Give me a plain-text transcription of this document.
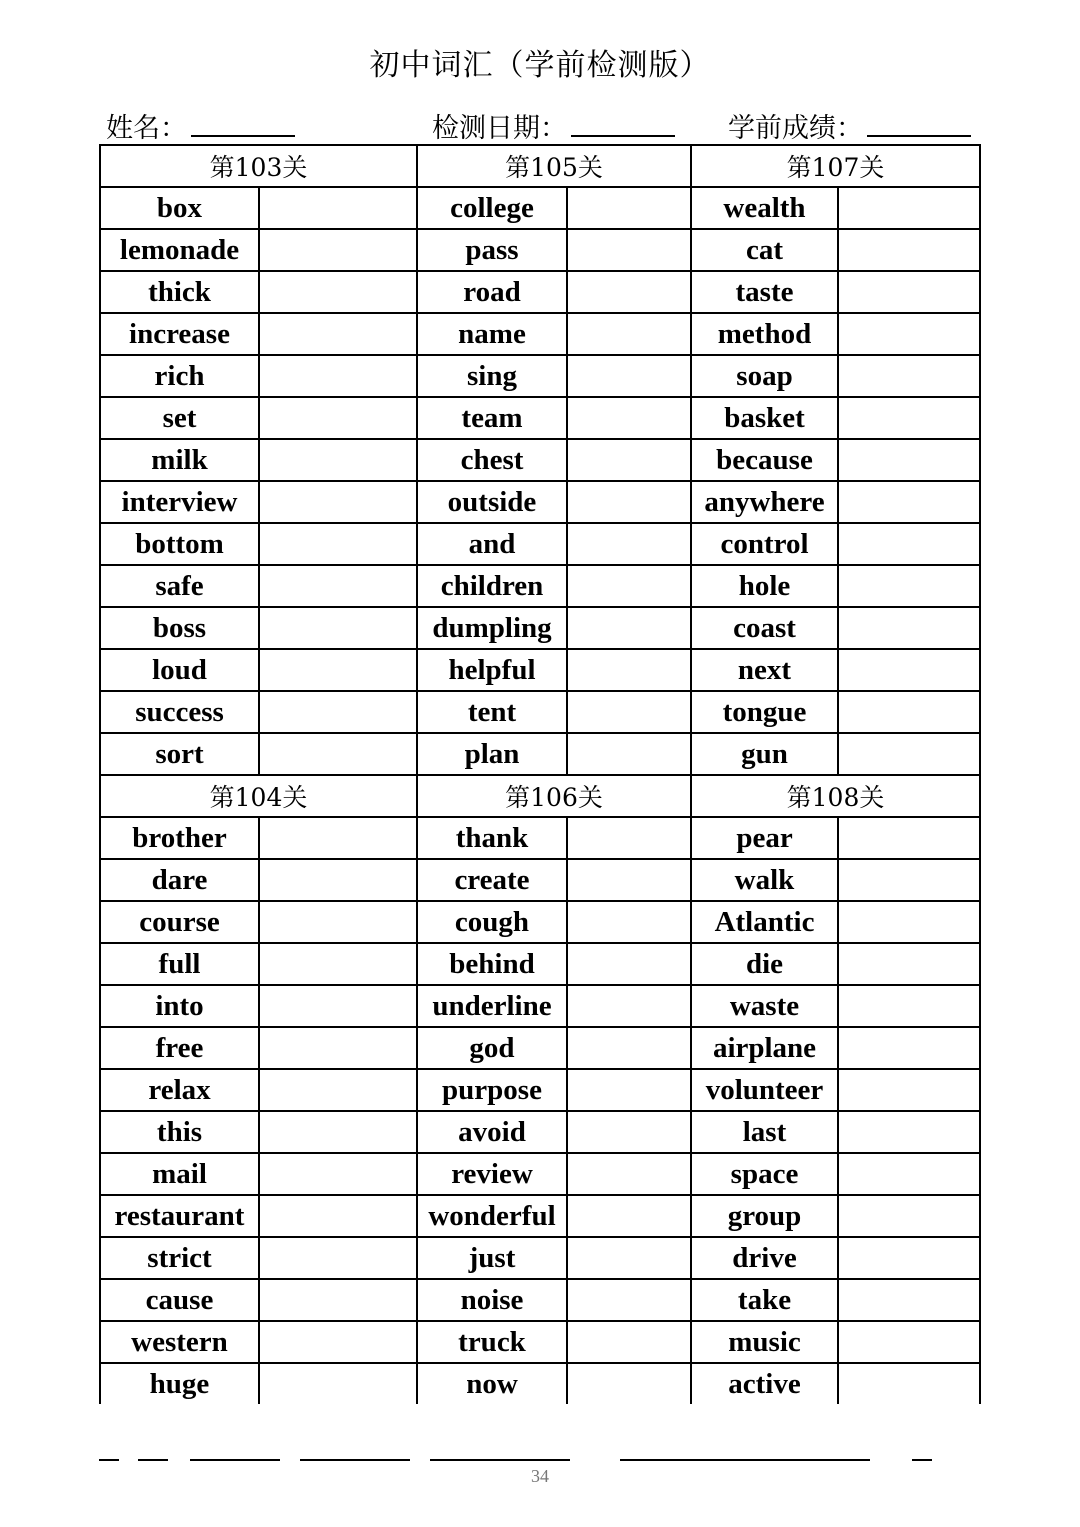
初中词汇（学前检测版）
姓名：	检测日期：	学前成绩：
第103关		第105关		第107关	
box		college		wealth	
lemonade		pass		cat	
thick		road		taste	
increase		name		method	
rich		sing		soap	
set		team		basket	
milk		chest		because	
interview		outside		anywhere	
bottom		and		control	
safe		children		hole	
boss		dumpling		coast	
loud		helpful		next	
success		tent		tongue	
sort		plan		gun	
第104关		第106关		第108关	
brother		thank		pear	
dare		create		walk	
course		cough		Atlantic	
full		behind		die	
into		underline		waste	
free		god		airplane	
relax		purpose		volunteer	
this		avoid		last	
mail		review		space	
restaurant		wonderful		group	
strict		just		drive	
cause		noise		take	
western		truck		music	
huge		now		active	
34
